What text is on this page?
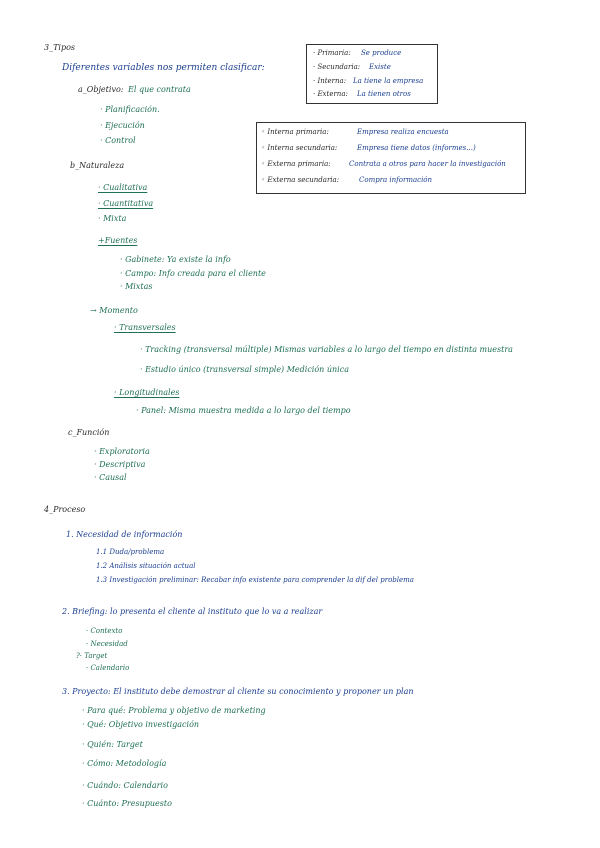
3_Tipos
Diferentes variables nos permiten clasificar:
a_Objetivo: El que contrata
· Planificación.
· Ejecución
· Control
b_Naturaleza
· Cualitativa
· Cuantitativa
· Mixta
+Fuentes
· Gabinete: Ya existe la info
· Campo: Info creada para el cliente
· Mixtas
→ Momento
· Transversales
· Tracking (transversal múltiple) Mismas variables a lo largo del tiempo en distinta muestra
· Estudio único (transversal simple) Medición única
· Longitudinales
· Panel: Misma muestra medida a lo largo del tiempo
c_Función
· Exploratoria
· Descriptiva
· Causal
· Primaria: Se produce
· Secundaria: Existe
· Interna: La tiene la empresa
· Externa: La tienen otros
◦ Interna primaria:	Empresa realiza encuesta
◦ Interna secundaria:	Empresa tiene datos (informes...)
◦ Externa primaria:	Contrata a otros para hacer la investigación
◦ Externa secundaria:	Compra información
4_Proceso
1. Necesidad de información
1.1 Duda/problema
1.2 Análisis situación actual
1.3 Investigación preliminar: Recabar info existente para comprender la dif del problema
2. Briefing: lo presenta el cliente al instituto que lo va a realizar
· Contexto
· Necesidad
?· Target
· Calendario
3. Proyecto: El instituto debe demostrar al cliente su conocimiento y proponer un plan
· Para qué: Problema y objetivo de marketing
· Qué: Objetivo investigación
· Quién: Target
· Cómo: Metodología
· Cuándo: Calendario
· Cuánto: Presupuesto
